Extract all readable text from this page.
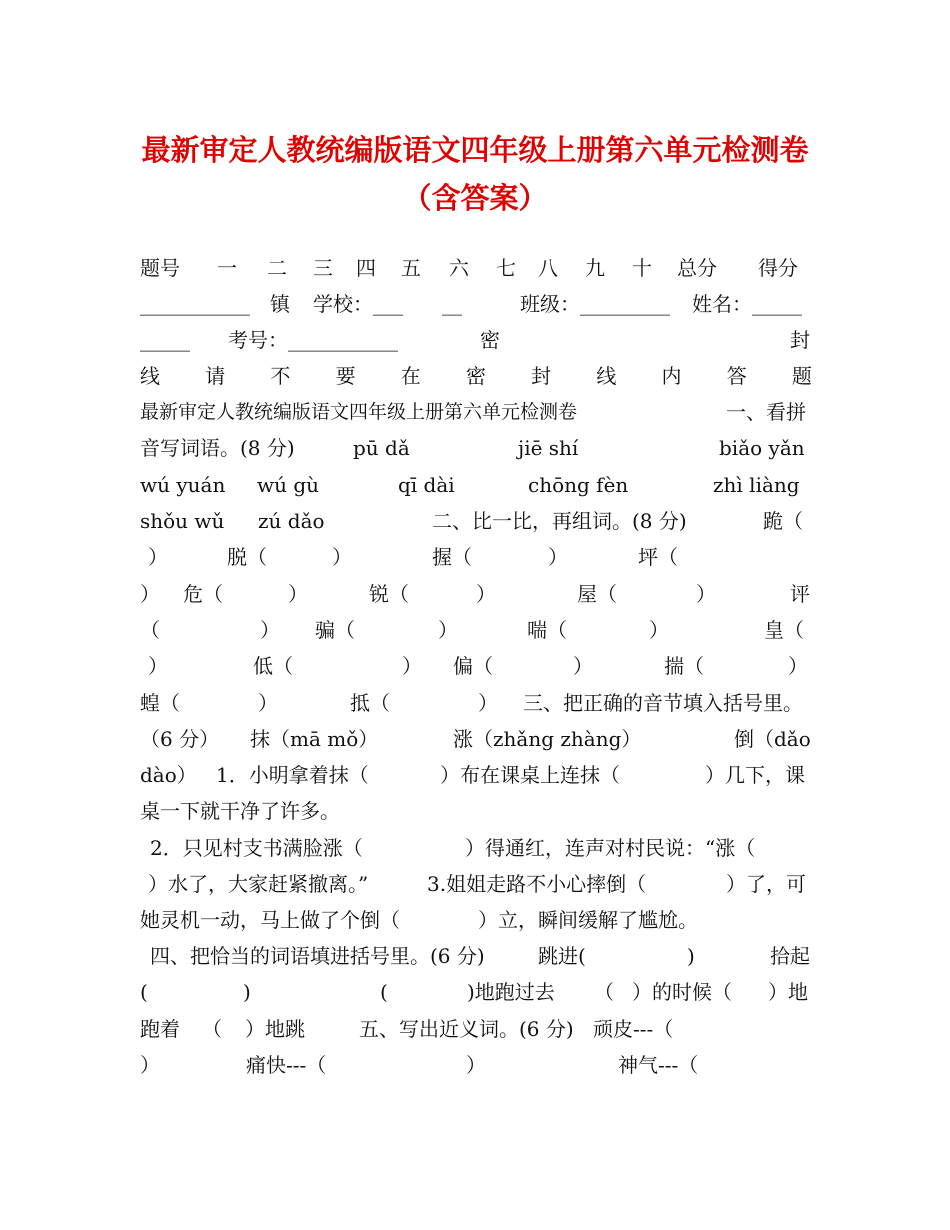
最新审定人教统编版语文四年级上册第六单元检测卷
（含答案）
题号 一 二 三 四 五 六 七 八 九 十 总分 得分
___________ 镇 学校：___ __	班级：_________ 姓名：_____
_____ 考号：___________	密	封
线 请 不 要 在 密 封 线 内 答 题
最新审定人教统编版语文四年级上册第六单元检测卷	一、看拼
音写词语。(8 分)	pū dǎ	jiē shí	biǎo yǎn
wú yuán wú gù	qī dài	chōng fèn	zhì liàng
shǒu wǔ zú dǎo	二、比一比，再组词。(8 分)	跪（
）	脱（	）	握（	）	坪（
） 危（	）	锐（	）	屋（	）	评
（	） 骗（	）	喘（	）	皇（
）	低（	） 偏（	）	揣（	）
蝗（	）	抵（	） 三、把正确的音节填入括号里。
（6 分） 抹（mā mǒ）	涨（zhǎng zhàng）	倒（dǎo
dào） 1．小明拿着抹（	）布在课桌上连抹（	）几下，课
桌一下就干净了许多。
2．只见村支书满脸涨（	）得通红，连声对村民说：“涨（
）水了，大家赶紧撤离。”	3.姐姐走路不小心摔倒（	）了，可
她灵机一动，马上做了个倒（	）立，瞬间缓解了尴尬。
四、把恰当的词语填进括号里。(6 分)	跳进(	)	拾起
(	)	(	)地跑过去 （ ）的时候（ ）地
跑着 （ ）地跳	五、写出近义词。(6 分) 顽皮---（
）	痛快---（	）	神气---（
